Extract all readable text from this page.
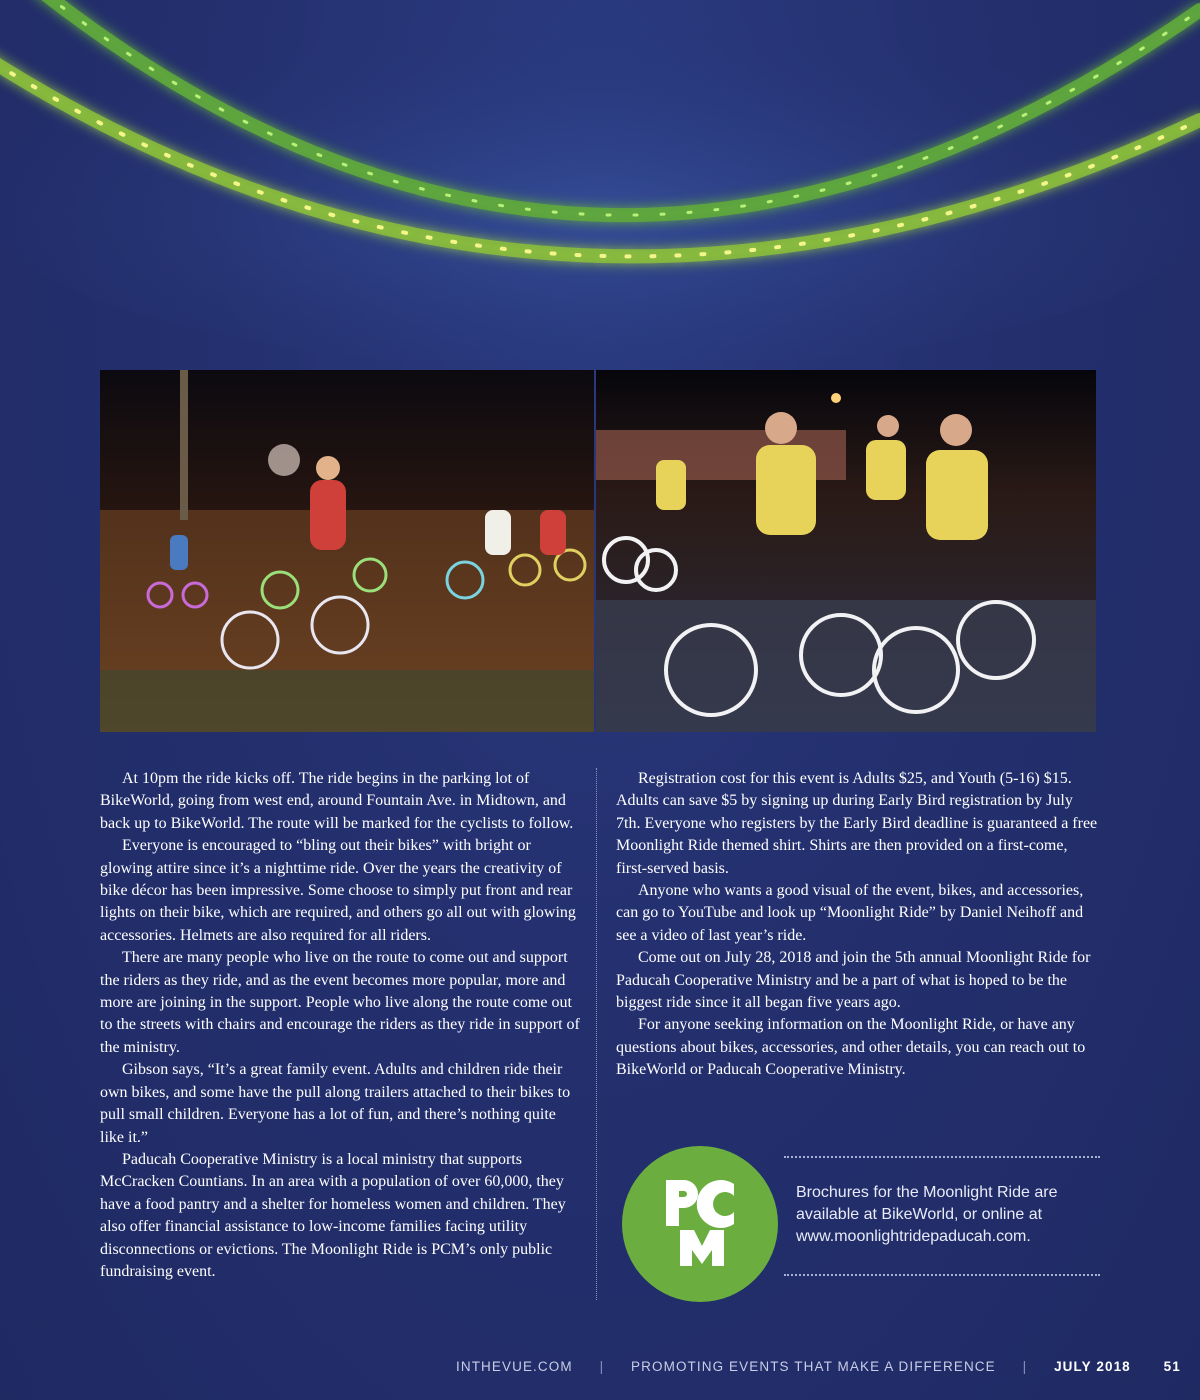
At 10pm the ride kicks off. The ride begins in the parking lot of BikeWorld, going from west end, around Fountain Ave. in Midtown, and back up to BikeWorld. The route will be marked for the cyclists to follow.

Everyone is encouraged to “bling out their bikes” with bright or glowing attire since it’s a nighttime ride. Over the years the creativity of bike décor has been impressive. Some choose to simply put front and rear lights on their bike, which are required, and others go all out with glowing accessories. Helmets are also required for all riders.

There are many people who live on the route to come out and support the riders as they ride, and as the event becomes more popular, more and more are joining in the support. People who live along the route come out to the streets with chairs and encourage the riders as they ride in support of the ministry.

Gibson says, “It’s a great family event. Adults and children ride their own bikes, and some have the pull along trailers attached to their bikes to pull small children. Everyone has a lot of fun, and there’s nothing quite like it.”

Paducah Cooperative Ministry is a local ministry that supports McCracken Countians. In an area with a population of over 60,000, they have a food pantry and a shelter for homeless women and children. They also offer financial assistance to low-income families facing utility disconnections or evictions. The Moonlight Ride is PCM’s only public fundraising event.

Registration cost for this event is Adults $25, and Youth (5-16) $15. Adults can save $5 by signing up during Early Bird registration by July 7th. Everyone who registers by the Early Bird deadline is guaranteed a free Moonlight Ride themed shirt. Shirts are then provided on a first-come, first-served basis.

Anyone who wants a good visual of the event, bikes, and accessories, can go to YouTube and look up “Moonlight Ride” by Daniel Neihoff and see a video of last year’s ride.

Come out on July 28, 2018 and join the 5th annual Moonlight Ride for Paducah Cooperative Ministry and be a part of what is hoped to be the biggest ride since it all began five years ago.

For anyone seeking information on the Moonlight Ride, or have any questions about bikes, accessories, and other details, you can reach out to BikeWorld or Paducah Cooperative Ministry.

Brochures for the Moonlight Ride are
available at BikeWorld, or online at
www.moonlightridepaducah.com.
INTHEVUE.COM | PROMOTING EVENTS THAT MAKE A DIFFERENCE | JULY 2018 51
